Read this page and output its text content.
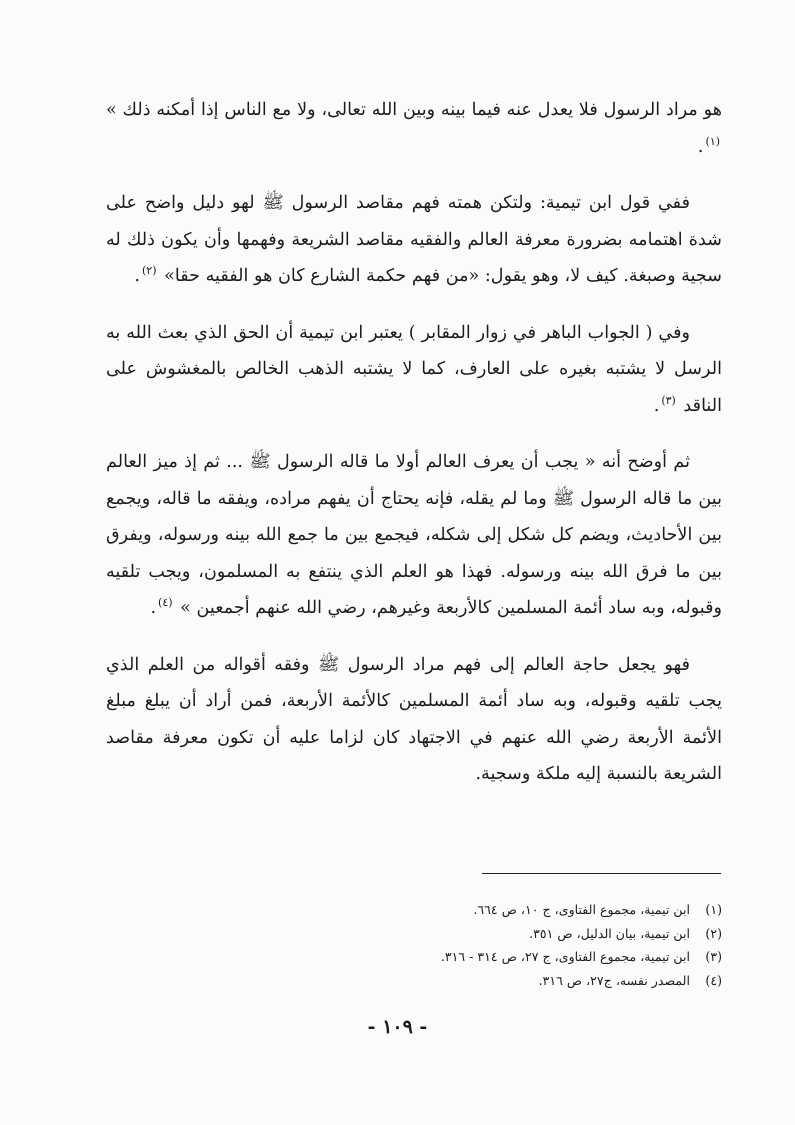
هو مراد الرسول فلا يعدل عنه فيما بينه وبين الله تعالى، ولا مع الناس إذا أمكنه ذلك » $^{(١)}$.

ففي قول ابن تيمية: ولتكن همته فهم مقاصد الرسول ﷺ لهو دليل واضح على شدة اهتمامه بضرورة معرفة العالم والفقيه مقاصد الشريعة وفهمها وأن يكون ذلك له سجية وصبغة. كيف لا، وهو يقول: «من فهم حكمة الشارع كان هو الفقيه حقا» $^{(٢)}$.

وفي ( الجواب الباهر في زوار المقابر ) يعتبر ابن تيمية أن الحق الذي بعث الله به الرسل لا يشتبه بغيره على العارف، كما لا يشتبه الذهب الخالص بالمغشوش على الناقد $^{(٣)}$.

ثم أوضح أنه « يجب أن يعرف العالم أولا ما قاله الرسول ﷺ ... ثم إذ ميز العالم بين ما قاله الرسول ﷺ وما لم يقله، فإنه يحتاج أن يفهم مراده، ويفقه ما قاله، ويجمع بين الأحاديث، ويضم كل شكل إلى شكله، فيجمع بين ما جمع الله بينه ورسوله، ويفرق بين ما فرق الله بينه ورسوله. فهذا هو العلم الذي ينتفع به المسلمون، ويجب تلقيه وقبوله، وبه ساد أئمة المسلمين كالأربعة وغيرهم، رضي الله عنهم أجمعين » $^{(٤)}$.

فهو يجعل حاجة العالم إلى فهم مراد الرسول ﷺ وفقه أقواله من العلم الذي يجب تلقيه وقبوله، وبه ساد أئمة المسلمين كالأئمة الأربعة، فمن أراد أن يبلغ مبلغ الأئمة الأربعة رضي الله عنهم في الاجتهاد كان لزاما عليه أن تكون معرفة مقاصد الشريعة بالنسبة إليه ملكة وسجية.

(١)ابن تيمية، مجموع الفتاوى، ج ١٠، ص ٦٦٤.
(٢)ابن تيمية، بيان الدليل، ص ٣٥١.
(٣)ابن تيمية، مجموع الفتاوى، ج ٢٧، ص ٣١٤ - ٣١٦.
(٤)المصدر نفسه، ج٢٧، ص ٣١٦.
- ١٠٩ -
